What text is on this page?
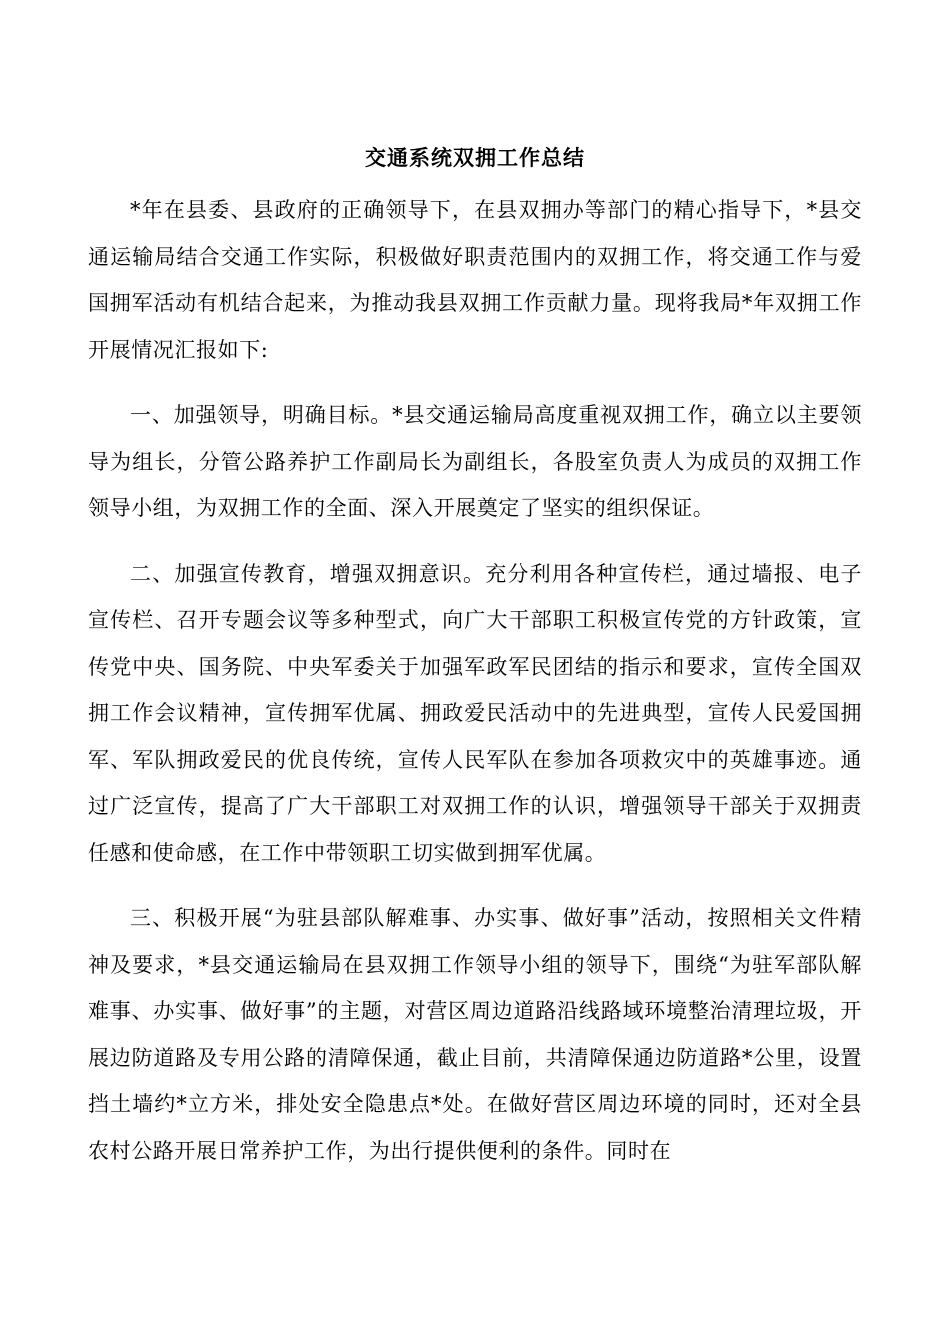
交通系统双拥工作总结

*年在县委、县政府的正确领导下，在县双拥办等部门的精心指导下，*县交通运输局结合交通工作实际，积极做好职责范围内的双拥工作，将交通工作与爱国拥军活动有机结合起来，为推动我县双拥工作贡献力量。现将我局*年双拥工作开展情况汇报如下:

一、加强领导，明确目标。*县交通运输局高度重视双拥工作，确立以主要领导为组长，分管公路养护工作副局长为副组长，各股室负责人为成员的双拥工作领导小组，为双拥工作的全面、深入开展奠定了坚实的组织保证。

二、加强宣传教育，增强双拥意识。充分利用各种宣传栏，通过墙报、电子宣传栏、召开专题会议等多种型式，向广大干部职工积极宣传党的方针政策，宣传党中央、国务院、中央军委关于加强军政军民团结的指示和要求，宣传全国双拥工作会议精神，宣传拥军优属、拥政爱民活动中的先进典型，宣传人民爱国拥军、军队拥政爱民的优良传统，宣传人民军队在参加各项救灾中的英雄事迹。通过广泛宣传，提高了广大干部职工对双拥工作的认识，增强领导干部关于双拥责任感和使命感，在工作中带领职工切实做到拥军优属。

三、积极开展“为驻县部队解难事、办实事、做好事”活动，按照相关文件精神及要求，*县交通运输局在县双拥工作领导小组的领导下，围绕“为驻军部队解难事、办实事、做好事”的主题，对营区周边道路沿线路域环境整治清理垃圾，开展边防道路及专用公路的清障保通，截止目前，共清障保通边防道路*公里，设置挡土墙约*立方米，排处安全隐患点*处。在做好营区周边环境的同时，还对全县农村公路开展日常养护工作，为出行提供便利的条件。同时在
